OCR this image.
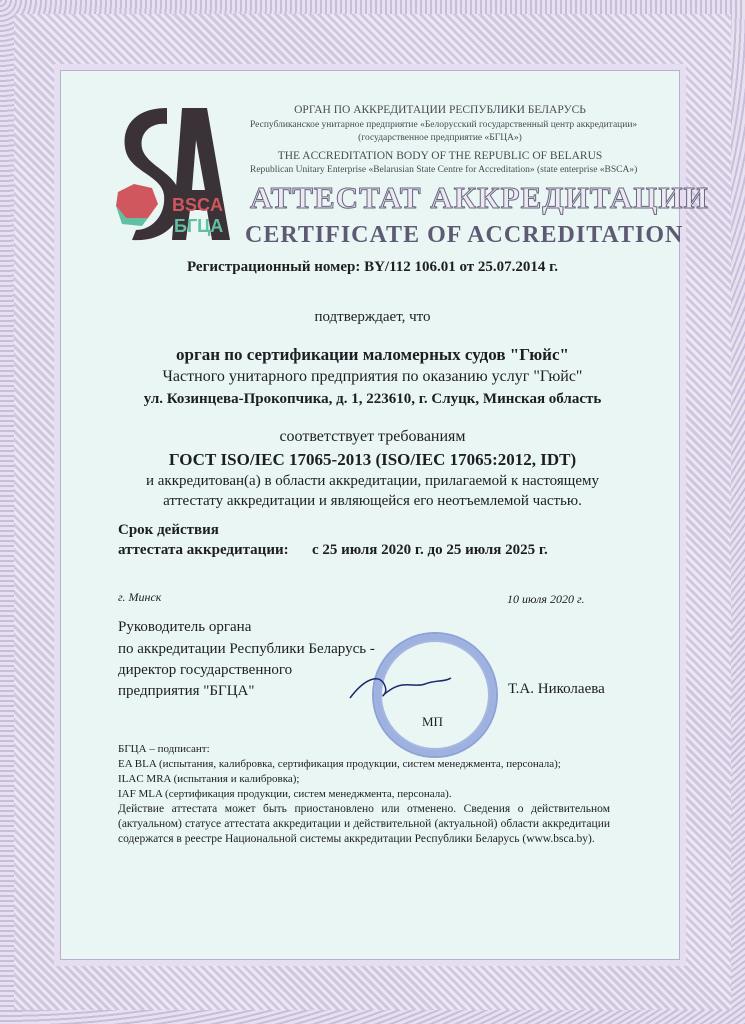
BSCA
БГЦА
ОРГАН ПО АККРЕДИТАЦИИ РЕСПУБЛИКИ БЕЛАРУСЬ
Республиканское унитарное предприятие «Белорусский государственный центр аккредитации»
(государственное предприятие «БГЦА»)
THE ACCREDITATION BODY OF THE REPUBLIC OF BELARUS
Republican Unitary Enterprise «Belarusian State Centre for Accreditation» (state enterprise «BSCA»)
АТТЕСТАТ АККРЕДИТАЦИИ
CERTIFICATE OF ACCREDITATION
Регистрационный номер: BY/112 106.01 от 25.07.2014 г.
подтверждает, что
орган по сертификации маломерных судов "Гюйс"
Частного унитарного предприятия по оказанию услуг "Гюйс"
ул. Козинцева-Прокопчика, д. 1, 223610, г. Слуцк, Минская область
соответствует требованиям
ГОСТ ISO/IEC 17065-2013 (ISO/IEC 17065:2012, IDT)
и аккредитован(а) в области аккредитации, прилагаемой к настоящему
аттестату аккредитации и являющейся его неотъемлемой частью.
Срок действия
аттестата аккредитации: с 25 июля 2020 г. до 25 июля 2025 г.
г. Минск	10 июля 2020 г.
Руководитель органа
по аккредитации Республики Беларусь -
директор государственного
предприятия "БГЦА"	Т.А. Николаева
МП
БГЦА – подписант:
EA BLA (испытания, калибровка, сертификация продукции, систем менеджмента, персонала);
ILAC MRA (испытания и калибровка);
IAF MLA (сертификация продукции, систем менеджмента, персонала).
Действие аттестата может быть приостановлено или отменено. Сведения о действительном (актуальном) статусе аттестата аккредитации и действительной (актуальной) области аккредитации содержатся в реестре Национальной системы аккредитации Республики Беларусь (www.bsca.by).
